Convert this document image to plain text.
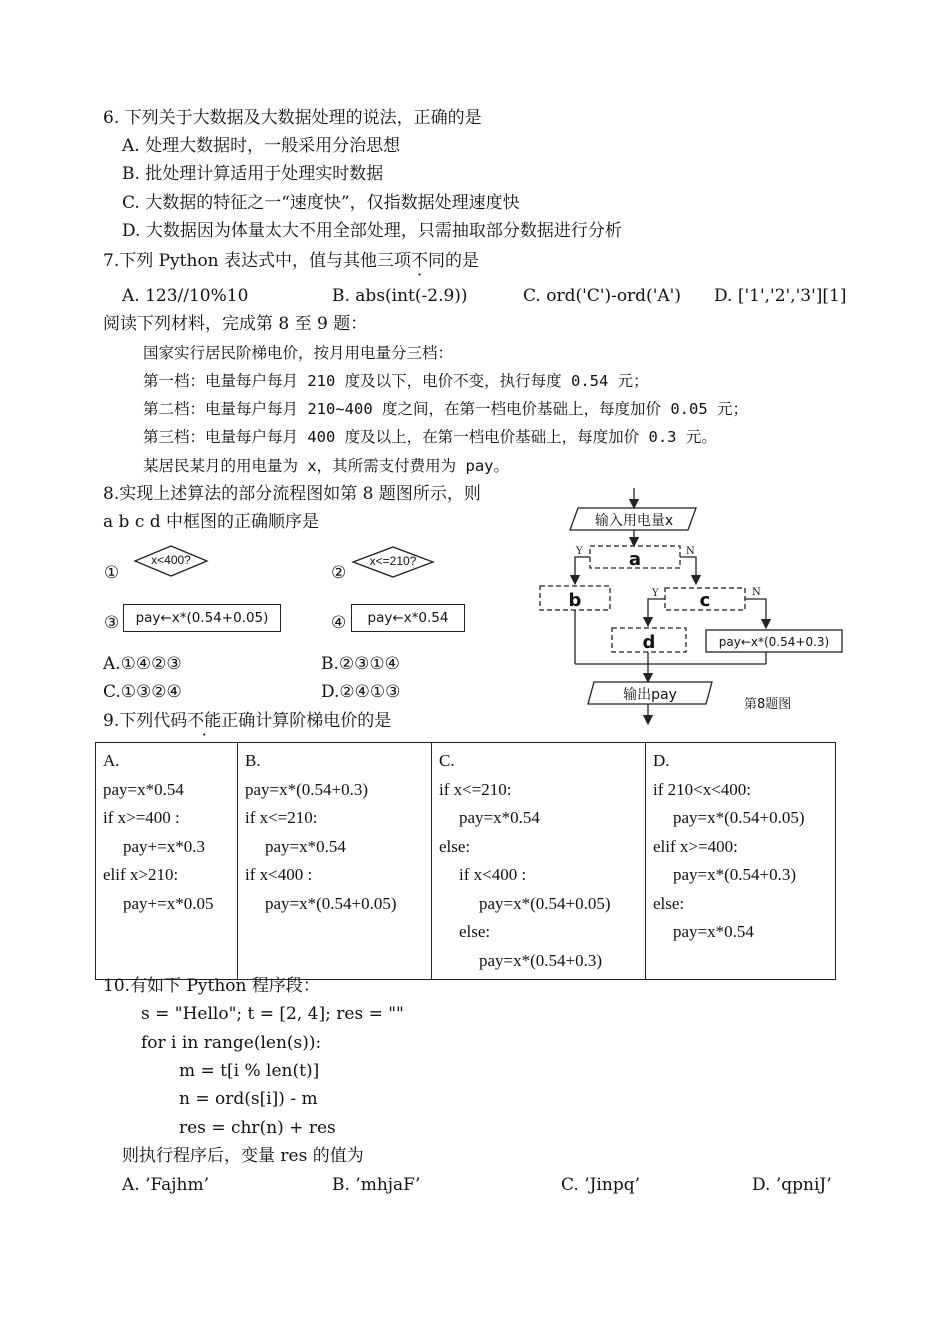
6. 下列关于大数据及大数据处理的说法，正确的是
A. 处理大数据时，一般采用分治思想
B. 批处理计算适用于处理实时数据
C. 大数据的特征之一“速度快”，仅指数据处理速度快
D. 大数据因为体量太大不用全部处理，只需抽取部分数据进行分析
7.下列 Python 表达式中，值与其他三项不同的是
A. 123//10%10	B. abs(int(-2.9))	C. ord('C')-ord('A') D. ['1','2','3'][1]
阅读下列材料，完成第 8 至 9 题：
国家实行居民阶梯电价，按月用电量分三档：
第一档：电量每户每月 210 度及以下，电价不变，执行每度 0.54 元；
第二档：电量每户每月 210~400 度之间，在第一档电价基础上，每度加价 0.05 元；
第三档：电量每户每月 400 度及以上，在第一档电价基础上，每度加价 0.3 元。
某居民某月的用电量为 x，其所需支付费用为 pay。
8.实现上述算法的部分流程图如第 8 题图所示，则
a b c d 中框图的正确顺序是
①
x<400?
②
x<=210?
③	pay←x*(0.54+0.05)	④	pay←x*0.54
A.①④②③	B.②③①④
C.①③②④	D.②④①③
输入用电量x
a
b	c
d	pay←x*(0.54+0.3)
输出pay
Y	N
Y	N
第8题图
9.下列代码不能正确计算阶梯电价的是
A.
pay=x*0.54
if x>=400 :
pay+=x*0.3
elif x>210:
pay+=x*0.05

B.
pay=x*(0.54+0.3)
if x<=210:
pay=x*0.54
if x<400 :
pay=x*(0.54+0.05)

C.
if x<=210:
pay=x*0.54
else:
if x<400 :
pay=x*(0.54+0.05)
else:
pay=x*(0.54+0.3)

D.
if 210<x<400:
pay=x*(0.54+0.05)
elif x>=400:
pay=x*(0.54+0.3)
else:
pay=x*0.54
10.有如下 Python 程序段：
s = "Hello"; t = [2, 4]; res = ""
for i in range(len(s)):
m = t[i % len(t)]
n = ord(s[i]) - m
res = chr(n) + res
则执行程序后，变量 res 的值为
A. ’Fajhm’	B. ’mhjaF’	C. ’Jinpq’	D. ’qpniJ’
